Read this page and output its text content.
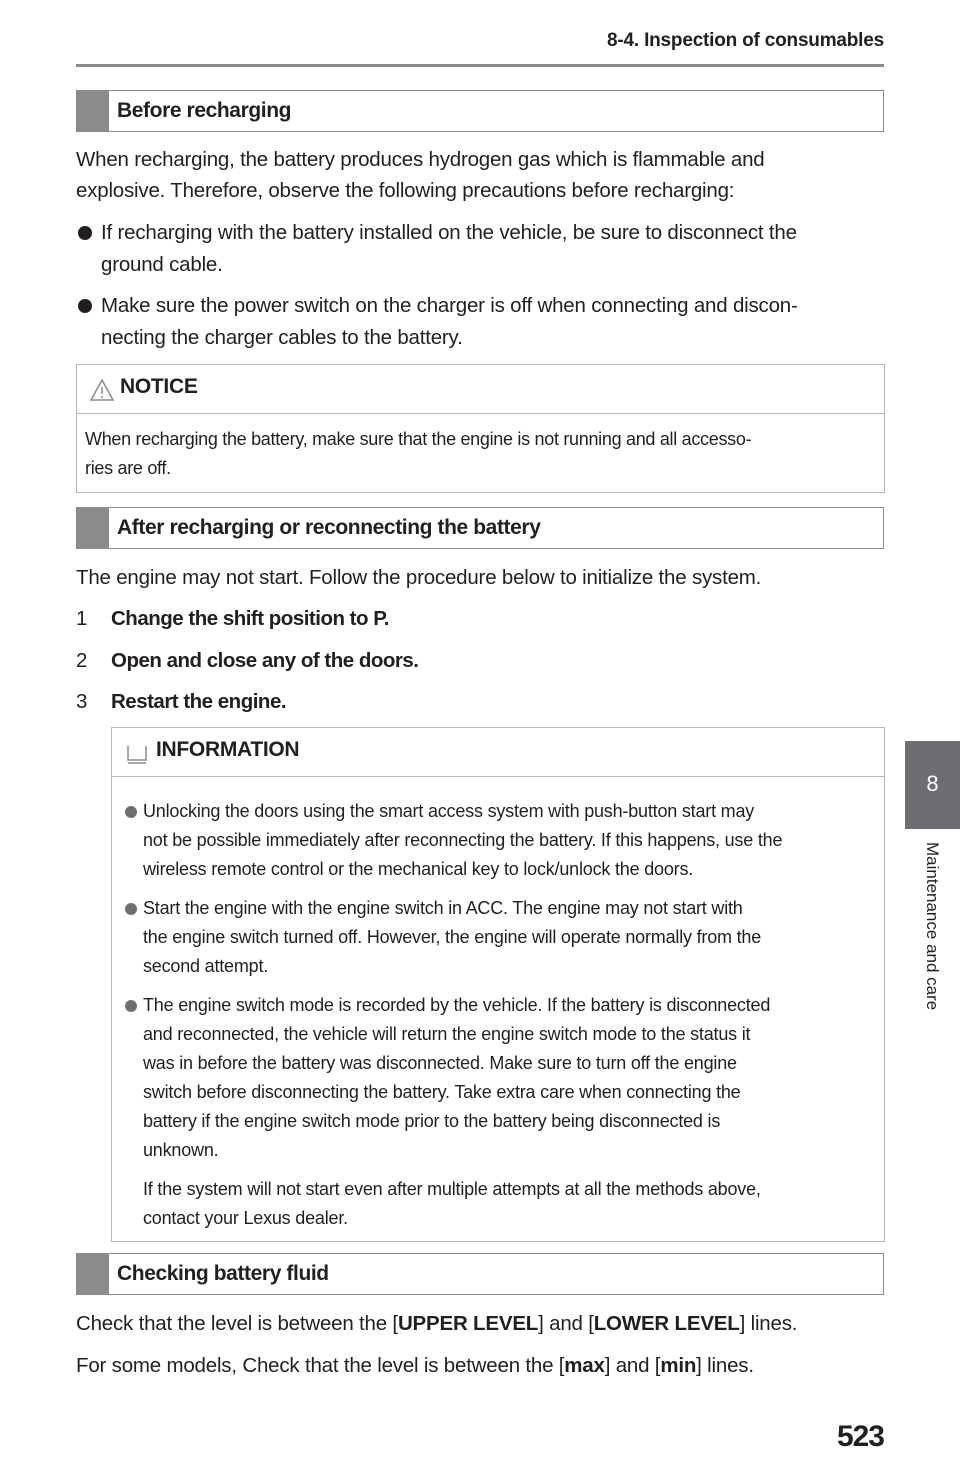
8-4. Inspection of consumables
Before recharging
When recharging, the battery produces hydrogen gas which is flammable and
explosive. Therefore, observe the following precautions before recharging:
If recharging with the battery installed on the vehicle, be sure to disconnect the
ground cable.
Make sure the power switch on the charger is off when connecting and discon-
necting the charger cables to the battery.
NOTICE
When recharging the battery, make sure that the engine is not running and all accesso-
ries are off.
After recharging or reconnecting the battery
The engine may not start. Follow the procedure below to initialize the system.
1 Change the shift position to P.
2 Open and close any of the doors.
3 Restart the engine.
INFORMATION
Unlocking the doors using the smart access system with push-button start may
not be possible immediately after reconnecting the battery. If this happens, use the
wireless remote control or the mechanical key to lock/unlock the doors.
Start the engine with the engine switch in ACC. The engine may not start with
the engine switch turned off. However, the engine will operate normally from the
second attempt.
The engine switch mode is recorded by the vehicle. If the battery is disconnected
and reconnected, the vehicle will return the engine switch mode to the status it
was in before the battery was disconnected. Make sure to turn off the engine
switch before disconnecting the battery. Take extra care when connecting the
battery if the engine switch mode prior to the battery being disconnected is
unknown.
If the system will not start even after multiple attempts at all the methods above,
contact your Lexus dealer.
Checking battery fluid
Check that the level is between the [UPPER LEVEL] and [LOWER LEVEL] lines.
For some models, Check that the level is between the [max] and [min] lines.
8
Maintenance and care
523
